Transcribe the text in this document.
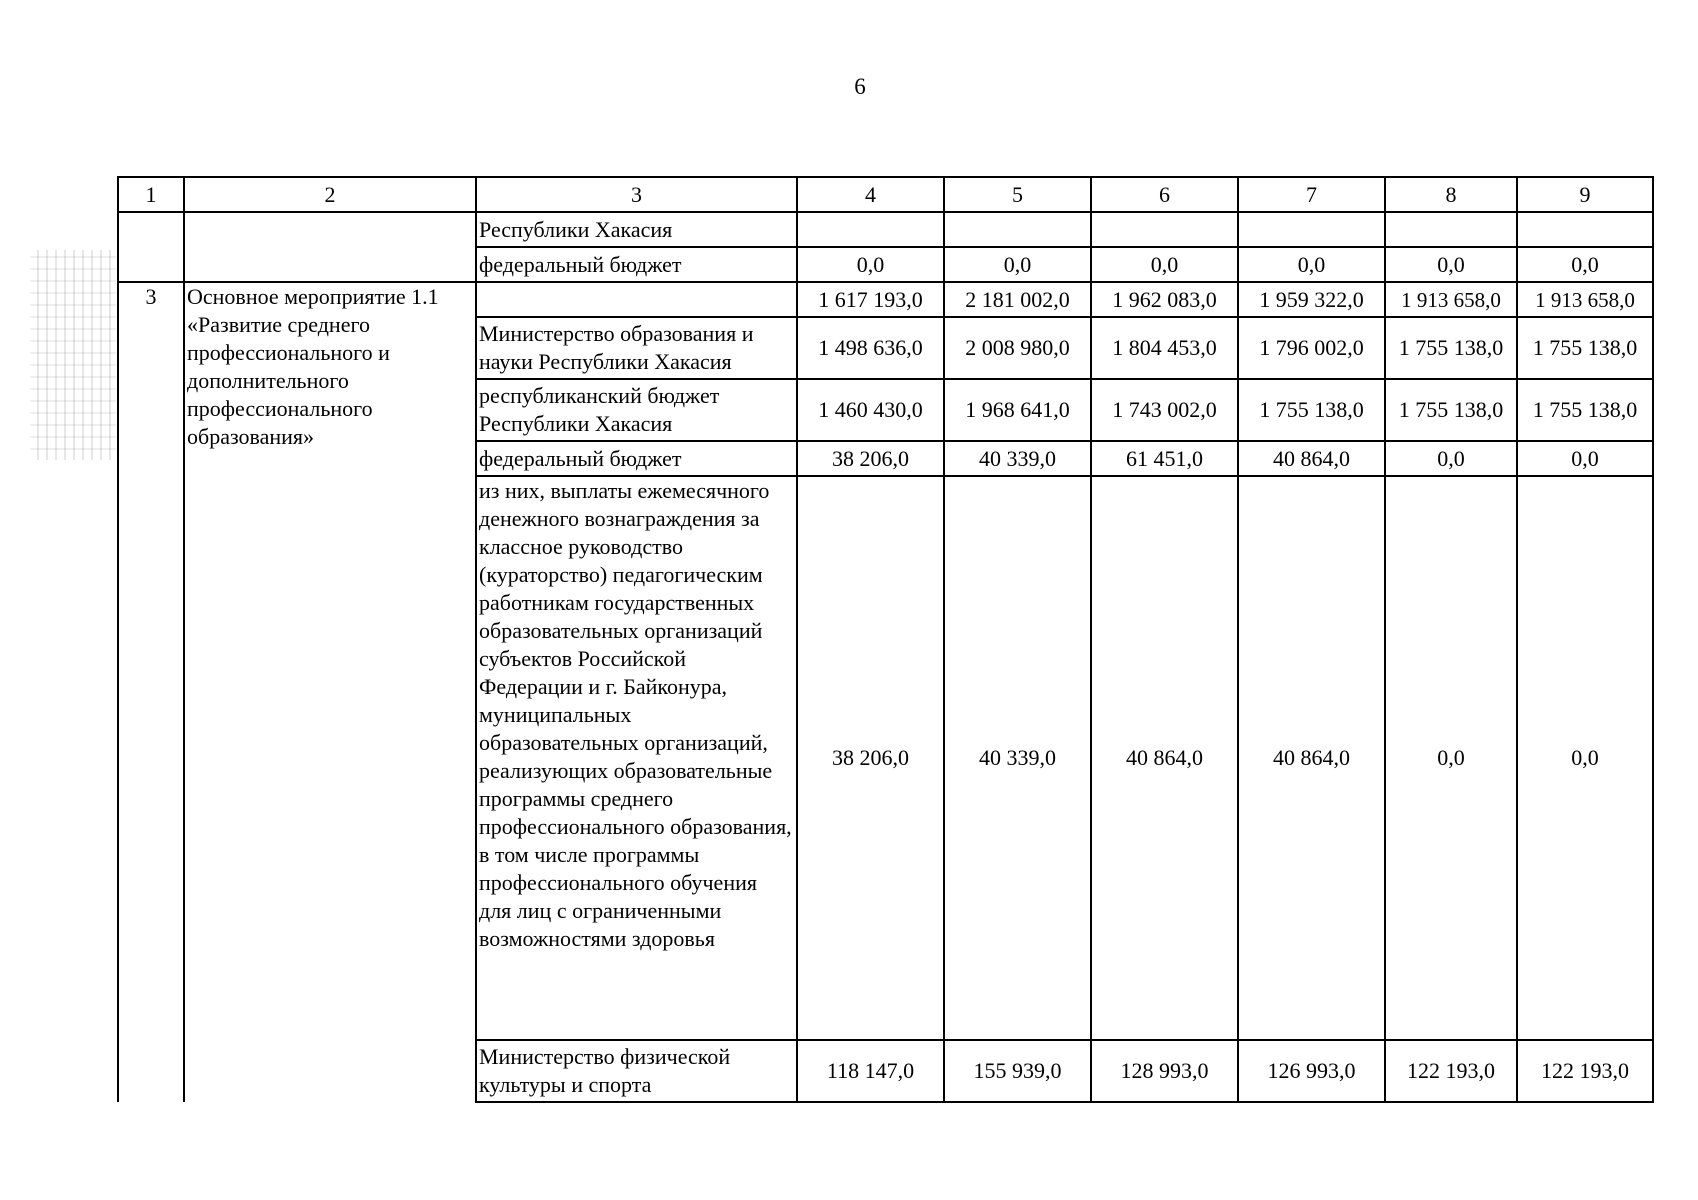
6
1	2	3	4	5	6	7	8	9
		Республики Хакасия						
		федеральный бюджет	0,0	0,0	0,0	0,0	0,0	0,0
3	Основное мероприятие 1.1 «Развитие среднего профессионального и дополнительного профессионального образования»		1 617 193,0	2 181 002,0	1 962 083,0	1 959 322,0	1 913 658,0	1 913 658,0
		Министерство образования и науки Республики Хакасия	1 498 636,0	2 008 980,0	1 804 453,0	1 796 002,0	1 755 138,0	1 755 138,0
		республиканский бюджет Республики Хакасия	1 460 430,0	1 968 641,0	1 743 002,0	1 755 138,0	1 755 138,0	1 755 138,0
		федеральный бюджет	38 206,0	40 339,0	61 451,0	40 864,0	0,0	0,0
		из них, выплаты ежемесячного денежного вознаграждения за классное руководство (кураторство) педагогическим работникам государственных образовательных организаций субъектов Российской Федерации и г. Байконура, муниципальных образовательных организаций, реализующих образовательные программы среднего профессионального образования, в том числе программы профессионального обучения для лиц с ограниченными возможностями здоровья	38 206,0	40 339,0	40 864,0	40 864,0	0,0	0,0
		Министерство физической культуры и спорта	118 147,0	155 939,0	128 993,0	126 993,0	122 193,0	122 193,0
